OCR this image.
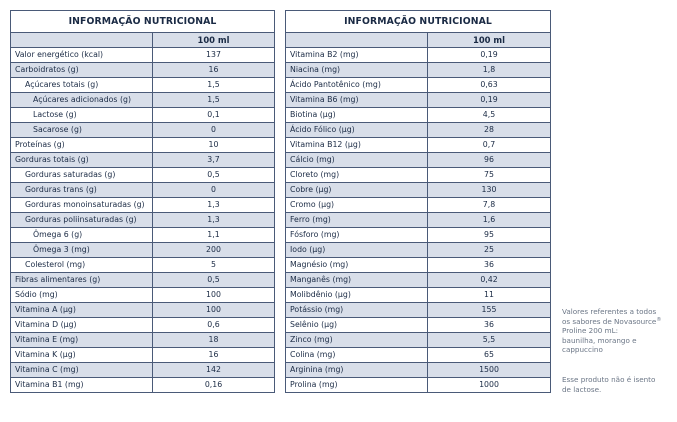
INFORMAÇÃO NUTRICIONAL	
	100 ml
Valor energético (kcal)	137
Carboidratos (g)	16
Açúcares totais (g)	1,5
Açúcares adicionados (g)	1,5
Lactose (g)	0,1
Sacarose (g)	0
Proteínas (g)	10
Gorduras totais (g)	3,7
Gorduras saturadas (g)	0,5
Gorduras trans (g)	0
Gorduras monoinsaturadas (g)	1,3
Gorduras poliinsaturadas (g)	1,3
Ômega 6 (g)	1,1
Ômega 3 (mg)	200
Colesterol (mg)	5
Fibras alimentares (g)	0,5
Sódio (mg)	100
Vitamina A (µg)	100
Vitamina D (µg)	0,6
Vitamina E (mg)	18
Vitamina K (µg)	16
Vitamina C (mg)	142
Vitamina B1 (mg)	0,16
INFORMAÇÃO NUTRICIONAL	
	100 ml
Vitamina B2 (mg)	0,19
Niacina (mg)	1,8
Ácido Pantotênico (mg)	0,63
Vitamina B6 (mg)	0,19
Biotina (µg)	4,5
Ácido Fólico (µg)	28
Vitamina B12 (µg)	0,7
Cálcio (mg)	96
Cloreto (mg)	75
Cobre (µg)	130
Cromo (µg)	7,8
Ferro (mg)	1,6
Fósforo (mg)	95
Iodo (µg)	25
Magnésio (mg)	36
Manganês (mg)	0,42
Molibdênio (µg)	11
Potássio (mg)	155
Selênio (µg)	36
Zinco (mg)	5,5
Colina (mg)	65
Arginina (mg)	1500
Prolina (mg)	1000
Valores referentes a todos
os sabores de Novasource®
Proline 200 mL:
baunilha, morango e
cappuccino
Esse produto não é isento
de lactose.
